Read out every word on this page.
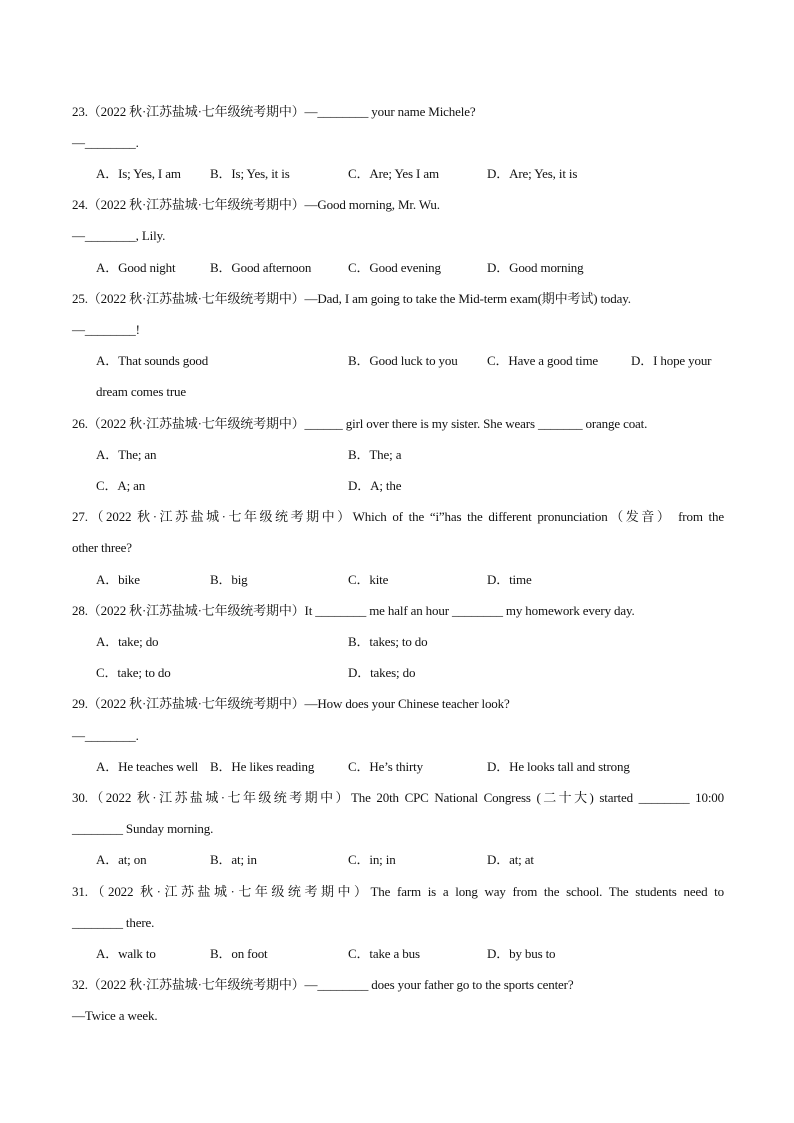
23.（2022 秋·江苏盐城·七年级统考期中）—________ your name Michele?
—________.
A．Is; Yes, I am B．Is; Yes, it is	C．Are; Yes I am	D．Are; Yes, it is
24.（2022 秋·江苏盐城·七年级统考期中）—Good morning, Mr. Wu.
—________, Lily.
A．Good night	B．Good afternoon	C．Good evening	D．Good morning
25.（2022 秋·江苏盐城·七年级统考期中）—Dad, I am going to take the Mid-term exam(期中考试) today.
—________!
A．That sounds good	B．Good luck to you C．Have a good time	D．I hope your
dream comes true
26.（2022 秋·江苏盐城·七年级统考期中）______ girl over there is my sister. She wears _______ orange coat.
A．The; an	B．The; a
C．A; an	D．A; the
27.（2022 秋·江苏盐城·七年级统考期中）Which of the “i”has the different pronunciation（发音） from the
other three?
A．bike	B．big	C．kite	D．time
28.（2022 秋·江苏盐城·七年级统考期中）It ________ me half an hour ________ my homework every day.
A．take; do	B．takes; to do
C．take; to do	D．takes; do
29.（2022 秋·江苏盐城·七年级统考期中）—How does your Chinese teacher look?
—________.
A．He teaches well B．He likes reading	C．He’s thirty	D．He looks tall and strong
30.（2022 秋·江苏盐城·七年级统考期中）The 20th CPC National Congress (二十大) started ________ 10:00
________ Sunday morning.
A．at; on	B．at; in	C．in; in	D．at; at
31.（2022 秋·江苏盐城·七年级统考期中）The farm is a long way from the school. The students need to
________ there.
A．walk to	B．on foot	C．take a bus	D．by bus to
32.（2022 秋·江苏盐城·七年级统考期中）—________ does your father go to the sports center?
—Twice a week.
